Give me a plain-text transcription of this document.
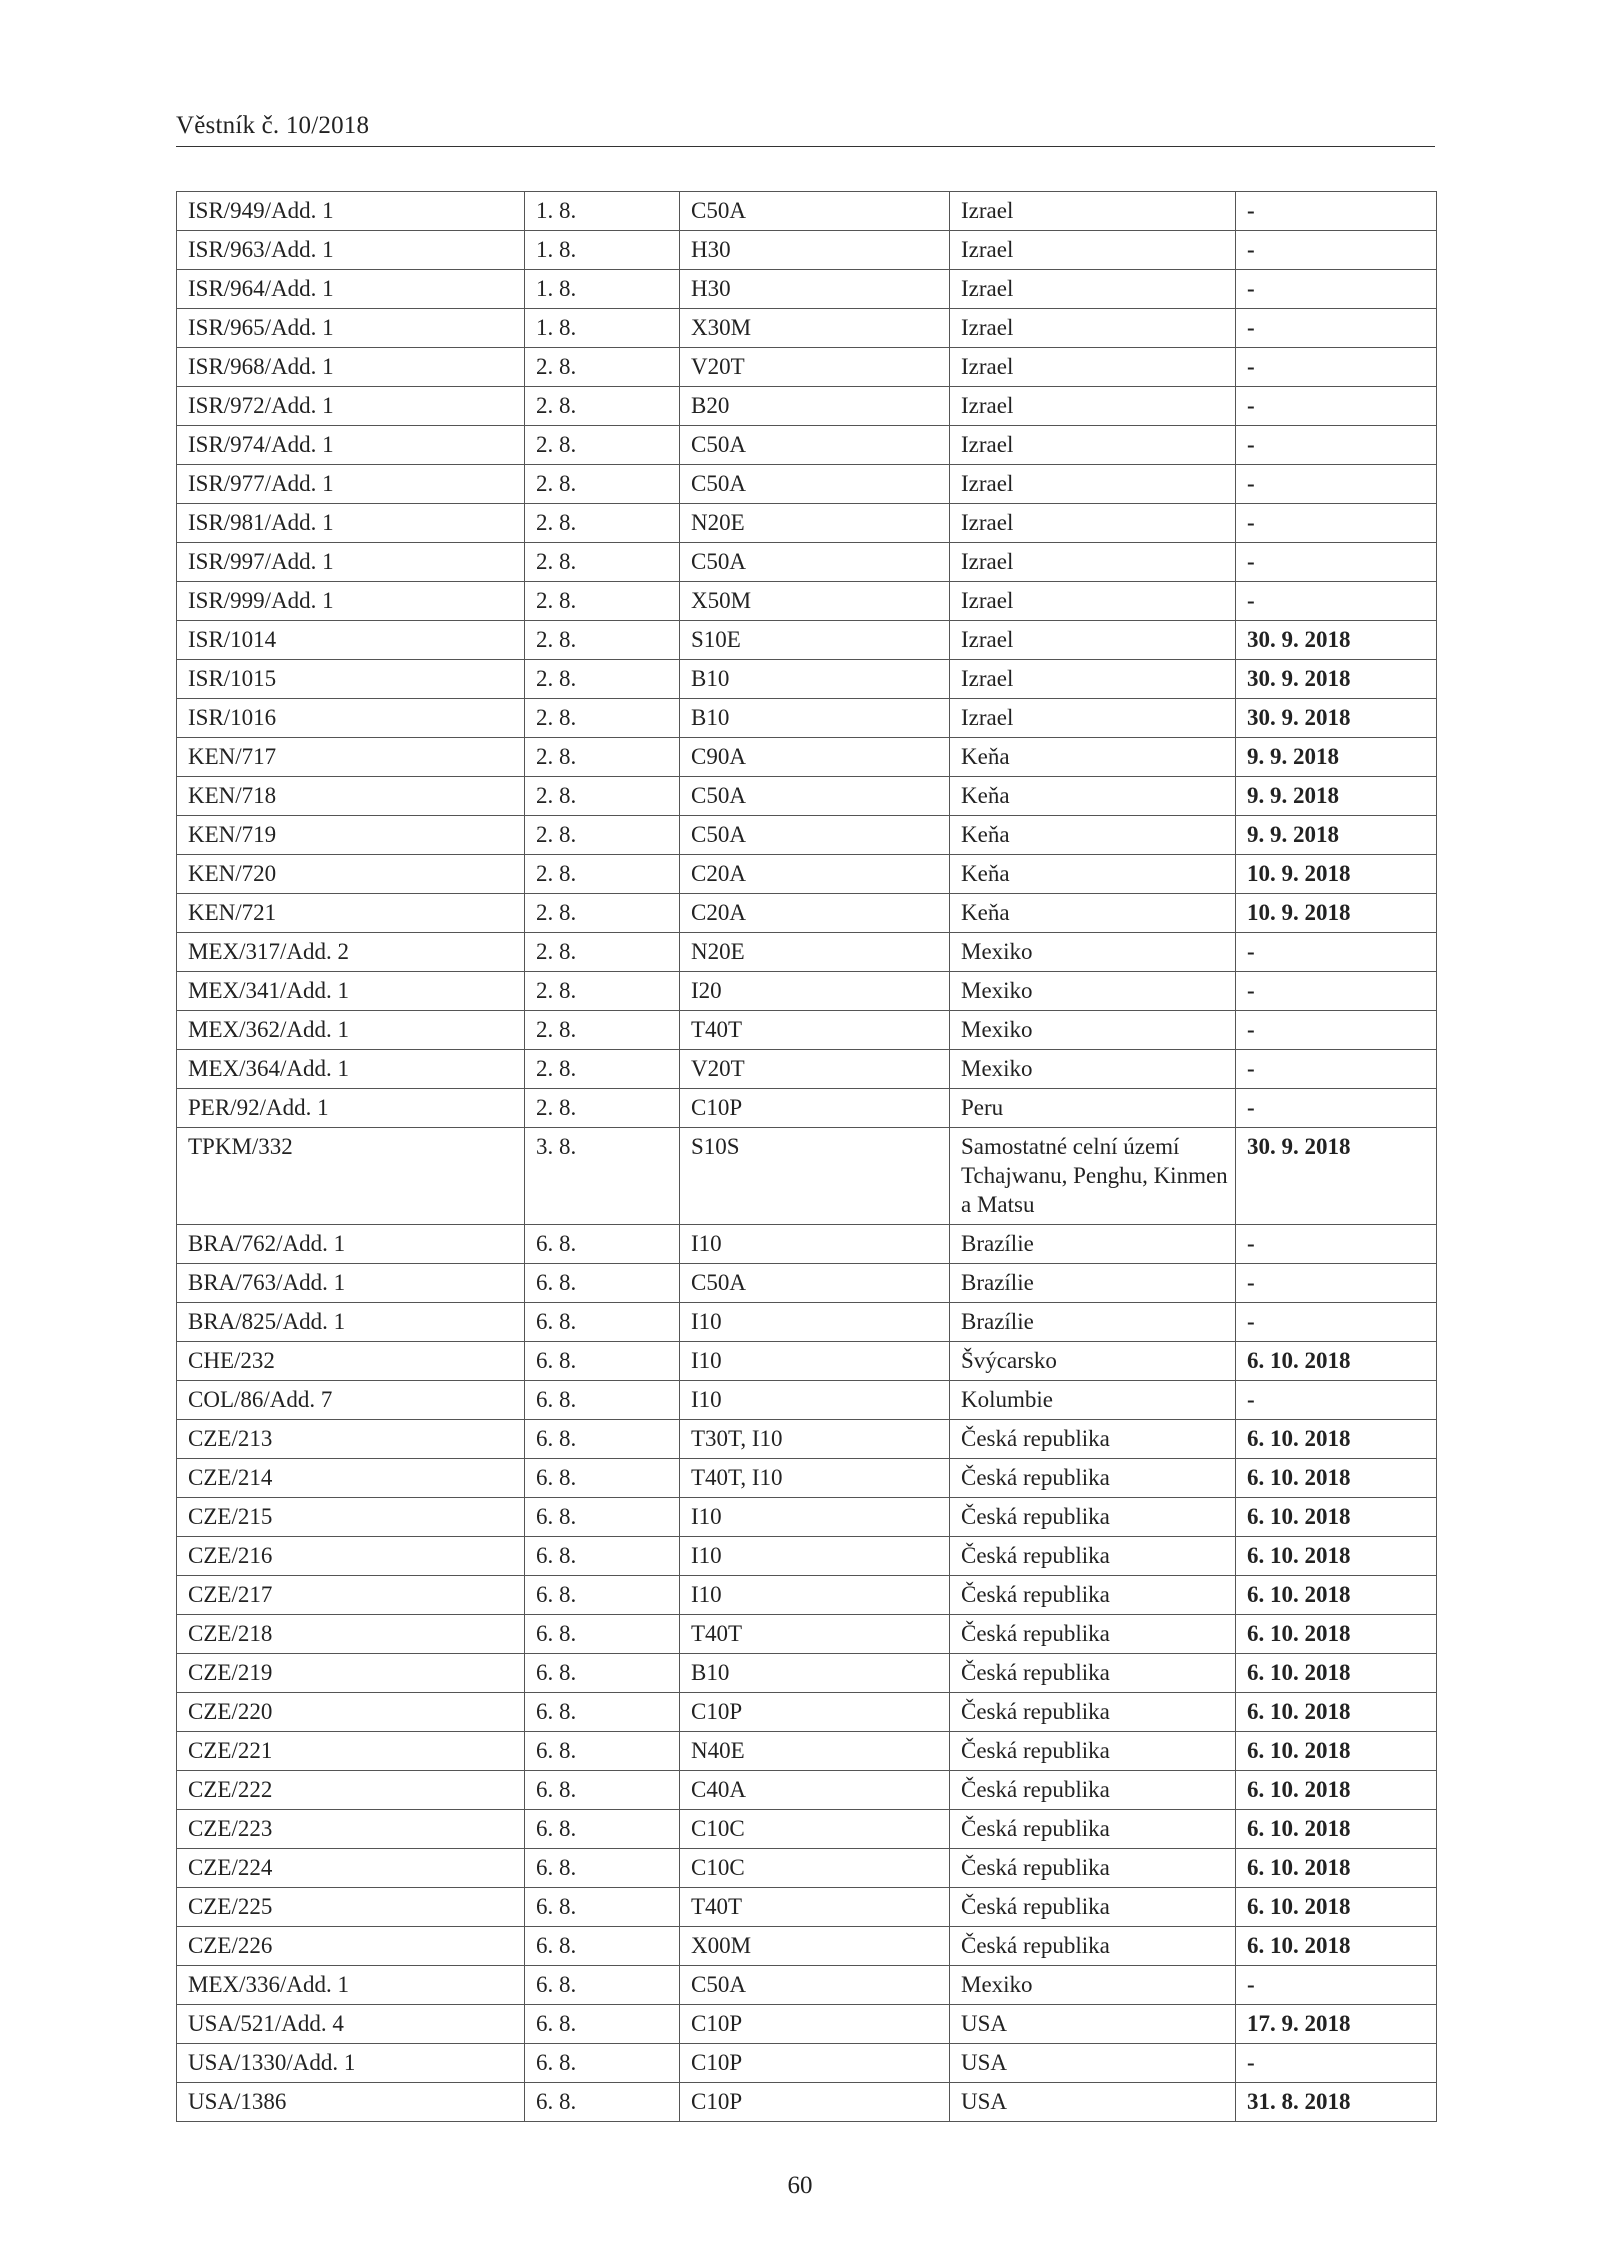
Věstník č. 10/2018
ISR/949/Add. 1	1. 8.	C50A	Izrael	-
ISR/963/Add. 1	1. 8.	H30	Izrael	-
ISR/964/Add. 1	1. 8.	H30	Izrael	-
ISR/965/Add. 1	1. 8.	X30M	Izrael	-
ISR/968/Add. 1	2. 8.	V20T	Izrael	-
ISR/972/Add. 1	2. 8.	B20	Izrael	-
ISR/974/Add. 1	2. 8.	C50A	Izrael	-
ISR/977/Add. 1	2. 8.	C50A	Izrael	-
ISR/981/Add. 1	2. 8.	N20E	Izrael	-
ISR/997/Add. 1	2. 8.	C50A	Izrael	-
ISR/999/Add. 1	2. 8.	X50M	Izrael	-
ISR/1014	2. 8.	S10E	Izrael	30. 9. 2018
ISR/1015	2. 8.	B10	Izrael	30. 9. 2018
ISR/1016	2. 8.	B10	Izrael	30. 9. 2018
KEN/717	2. 8.	C90A	Keňa	9. 9. 2018
KEN/718	2. 8.	C50A	Keňa	9. 9. 2018
KEN/719	2. 8.	C50A	Keňa	9. 9. 2018
KEN/720	2. 8.	C20A	Keňa	10. 9. 2018
KEN/721	2. 8.	C20A	Keňa	10. 9. 2018
MEX/317/Add. 2	2. 8.	N20E	Mexiko	-
MEX/341/Add. 1	2. 8.	I20	Mexiko	-
MEX/362/Add. 1	2. 8.	T40T	Mexiko	-
MEX/364/Add. 1	2. 8.	V20T	Mexiko	-
PER/92/Add. 1	2. 8.	C10P	Peru	-
TPKM/332	3. 8.	S10S	Samostatné celní území Tchajwanu, Penghu, Kinmen a Matsu	30. 9. 2018
BRA/762/Add. 1	6. 8.	I10	Brazílie	-
BRA/763/Add. 1	6. 8.	C50A	Brazílie	-
BRA/825/Add. 1	6. 8.	I10	Brazílie	-
CHE/232	6. 8.	I10	Švýcarsko	6. 10. 2018
COL/86/Add. 7	6. 8.	I10	Kolumbie	-
CZE/213	6. 8.	T30T, I10	Česká republika	6. 10. 2018
CZE/214	6. 8.	T40T, I10	Česká republika	6. 10. 2018
CZE/215	6. 8.	I10	Česká republika	6. 10. 2018
CZE/216	6. 8.	I10	Česká republika	6. 10. 2018
CZE/217	6. 8.	I10	Česká republika	6. 10. 2018
CZE/218	6. 8.	T40T	Česká republika	6. 10. 2018
CZE/219	6. 8.	B10	Česká republika	6. 10. 2018
CZE/220	6. 8.	C10P	Česká republika	6. 10. 2018
CZE/221	6. 8.	N40E	Česká republika	6. 10. 2018
CZE/222	6. 8.	C40A	Česká republika	6. 10. 2018
CZE/223	6. 8.	C10C	Česká republika	6. 10. 2018
CZE/224	6. 8.	C10C	Česká republika	6. 10. 2018
CZE/225	6. 8.	T40T	Česká republika	6. 10. 2018
CZE/226	6. 8.	X00M	Česká republika	6. 10. 2018
MEX/336/Add. 1	6. 8.	C50A	Mexiko	-
USA/521/Add. 4	6. 8.	C10P	USA	17. 9. 2018
USA/1330/Add. 1	6. 8.	C10P	USA	-
USA/1386	6. 8.	C10P	USA	31. 8. 2018
60
